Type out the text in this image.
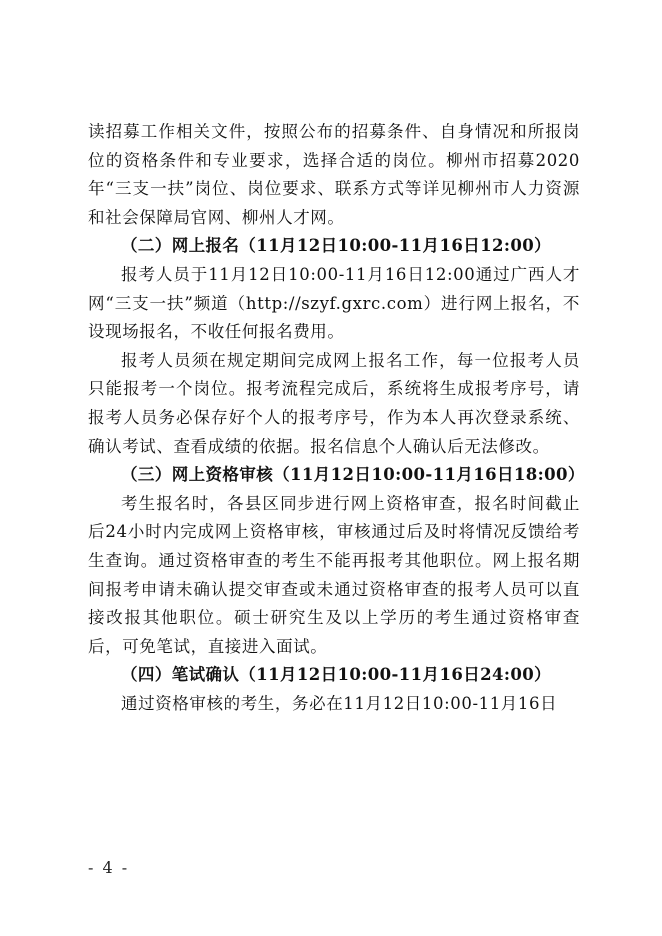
读招募工作相关文件，按照公布的招募条件、自身情况和所报岗位的资格条件和专业要求，选择合适的岗位。柳州市招募2020年“三支一扶”岗位、岗位要求、联系方式等详见柳州市人力资源和社会保障局官网、柳州人才网。

（二）网上报名（11月12日10:00-11月16日12:00）

报考人员于11月12日10:00-11月16日12:00通过广西人才网“三支一扶”频道（http://szyf.gxrc.com）进行网上报名，不设现场报名，不收任何报名费用。

报考人员须在规定期间完成网上报名工作，每一位报考人员只能报考一个岗位。报考流程完成后，系统将生成报考序号，请报考人员务必保存好个人的报考序号，作为本人再次登录系统、确认考试、查看成绩的依据。报名信息个人确认后无法修改。

（三）网上资格审核（11月12日10:00-11月16日18:00）

考生报名时，各县区同步进行网上资格审查，报名时间截止后24小时内完成网上资格审核，审核通过后及时将情况反馈给考生查询。通过资格审查的考生不能再报考其他职位。网上报名期间报考申请未确认提交审查或未通过资格审查的报考人员可以直接改报其他职位。硕士研究生及以上学历的考生通过资格审查后，可免笔试，直接进入面试。

（四）笔试确认（11月12日10:00-11月16日24:00）

通过资格审核的考生，务必在11月12日10:00-11月16日

- 4 -
